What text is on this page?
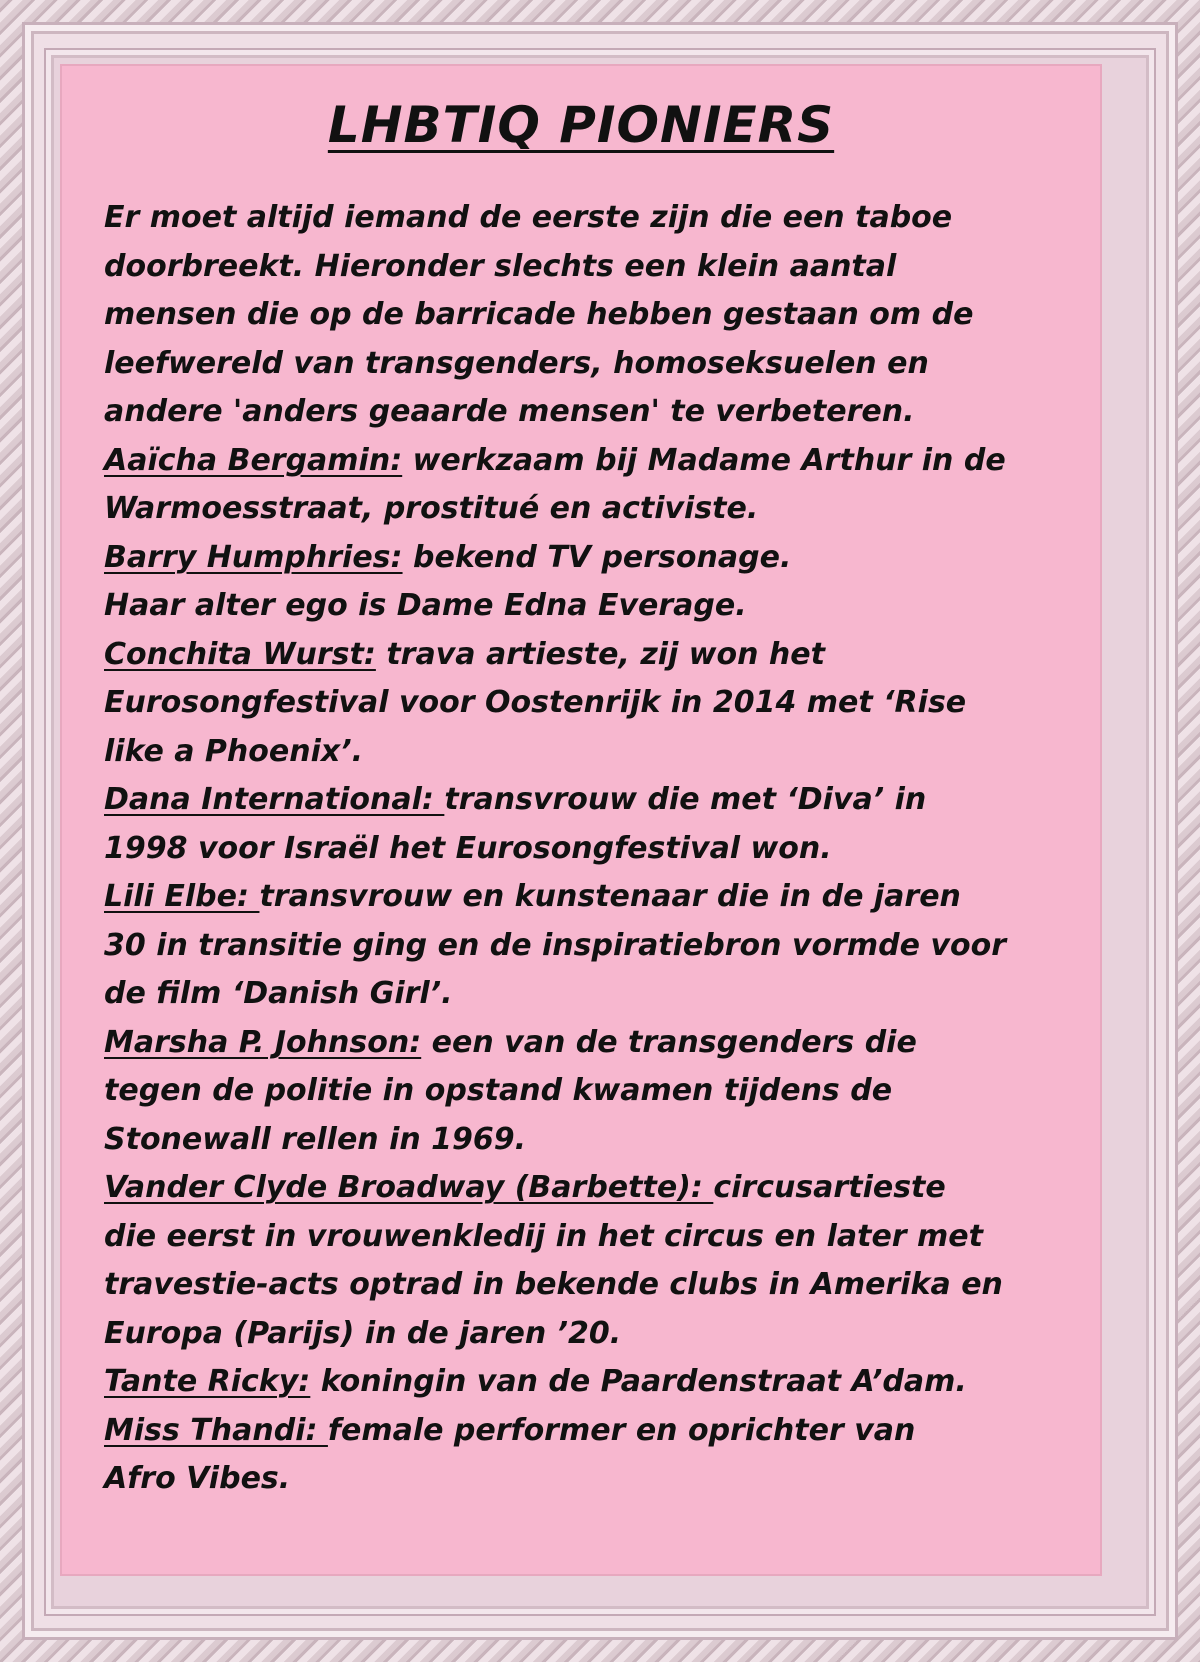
LHBTIQ PIONIERS
Er moet altijd iemand de eerste zijn die een taboe
doorbreekt. Hieronder slechts een klein aantal
mensen die op de barricade hebben gestaan om de
leefwereld van transgenders, homoseksuelen en
andere 'anders geaarde mensen' te verbeteren.
Aaïcha Bergamin: werkzaam bij Madame Arthur in de
Warmoesstraat, prostitué en activiste.
Barry Humphries: bekend TV personage.
Haar alter ego is Dame Edna Everage.
Conchita Wurst: trava artieste, zij won het
Eurosongfestival voor Oostenrijk in 2014 met ‘Rise
like a Phoenix’.
Dana International: transvrouw die met ‘Diva’ in
1998 voor Israël het Eurosongfestival won.
Lili Elbe: transvrouw en kunstenaar die in de jaren
30 in transitie ging en de inspiratiebron vormde voor
de film ‘Danish Girl’.
Marsha P. Johnson: een van de transgenders die
tegen de politie in opstand kwamen tijdens de
Stonewall rellen in 1969.
Vander Clyde Broadway (Barbette): circusartieste
die eerst in vrouwenkledij in het circus en later met
travestie-acts optrad in bekende clubs in Amerika en
Europa (Parijs) in de jaren ’20.
Tante Ricky: koningin van de Paardenstraat A’dam.
Miss Thandi: female performer en oprichter van
Afro Vibes.
